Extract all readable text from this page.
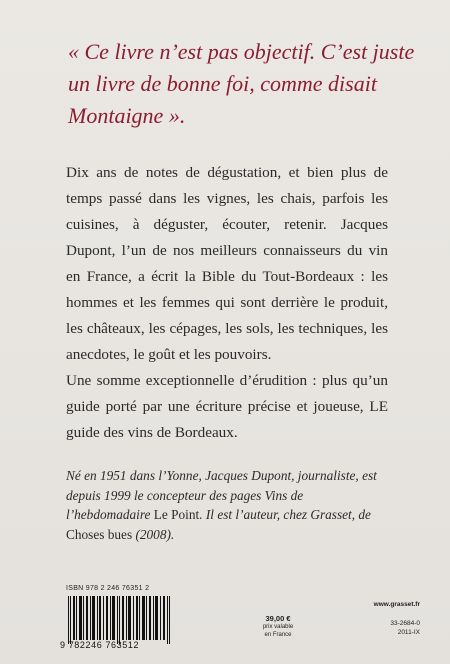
« Ce livre n’est pas objectif. C’est juste
un livre de bonne foi, comme disait
Montaigne ».

Dix ans de notes de dégustation, et bien plus de temps passé dans les vignes, les chais, parfois les cuisines, à déguster, écouter, retenir. Jacques Dupont, l’un de nos meilleurs connaisseurs du vin en France, a écrit la Bible du Tout-Bordeaux : les hommes et les femmes qui sont derrière le produit, les châteaux, les cépages, les sols, les techniques, les anecdotes, le goût et les pouvoirs.

Une somme exceptionnelle d’érudition : plus qu’un guide porté par une écriture précise et joueuse, LE guide des vins de Bordeaux.

Né en 1951 dans l’Yonne, Jacques Dupont, journaliste, est depuis 1999 le concepteur des pages Vins de l’hebdomadaire Le Point. Il est l’auteur, chez Grasset, de Choses bues (2008).
ISBN 978 2 246 76351 2
9 782246 763512
39,00 €
prix valable
en France
www.grasset.fr
33-2684-0
2011-IX
